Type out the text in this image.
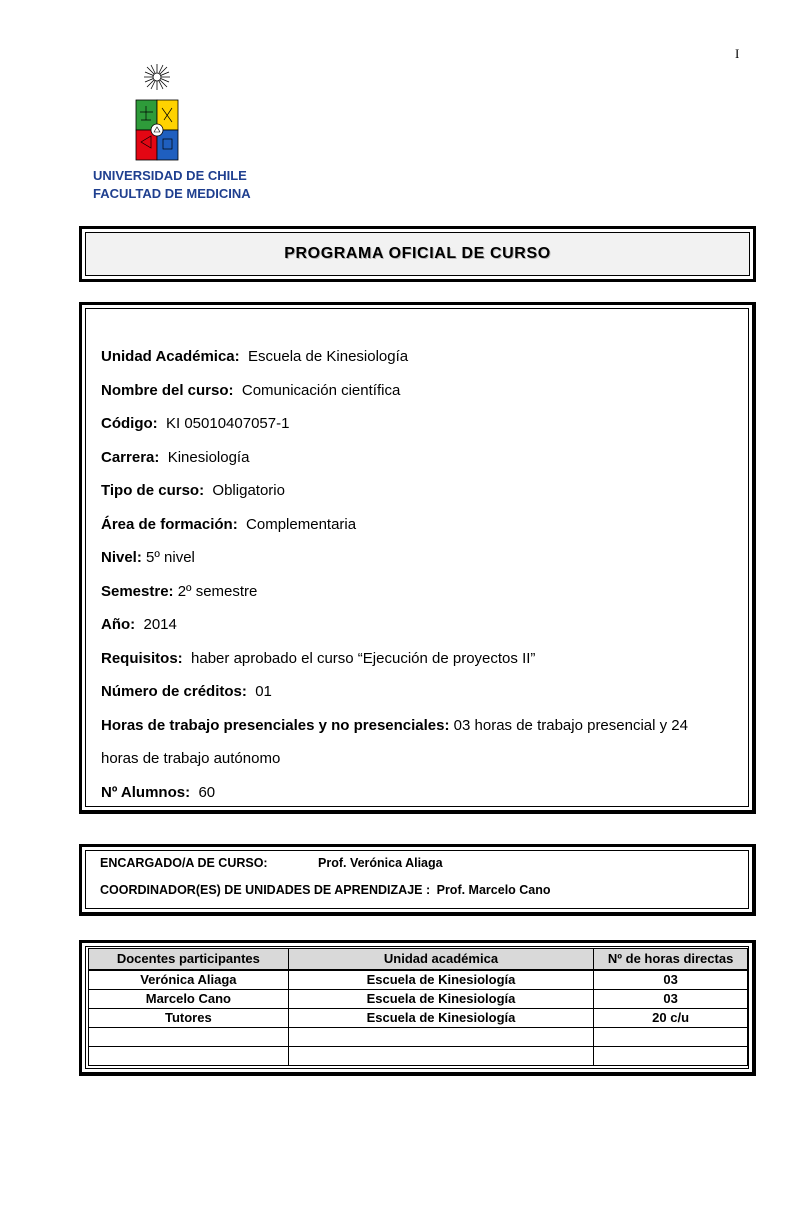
I
UNIVERSIDAD DE CHILE
FACULTAD DE MEDICINA
PROGRAMA OFICIAL DE CURSO
Unidad Académica: Escuela de Kinesiología
Nombre del curso: Comunicación científica
Código: KI 05010407057-1
Carrera: Kinesiología
Tipo de curso: Obligatorio
Área de formación: Complementaria
Nivel: 5º nivel
Semestre: 2º semestre
Año: 2014
Requisitos: haber aprobado el curso “Ejecución de proyectos II”
Número de créditos: 01
Horas de trabajo presenciales y no presenciales: 03 horas de trabajo presencial y 24
horas de trabajo autónomo
Nº Alumnos: 60
ENCARGADO/A DE CURSO:	Prof. Verónica Aliaga
COORDINADOR(ES) DE UNIDADES DE APRENDIZAJE : Prof. Marcelo Cano
Docentes participantes	Unidad académica	Nº de horas directas
Verónica Aliaga	Escuela de Kinesiología	03
Marcelo Cano	Escuela de Kinesiología	03
Tutores	Escuela de Kinesiología	20 c/u
